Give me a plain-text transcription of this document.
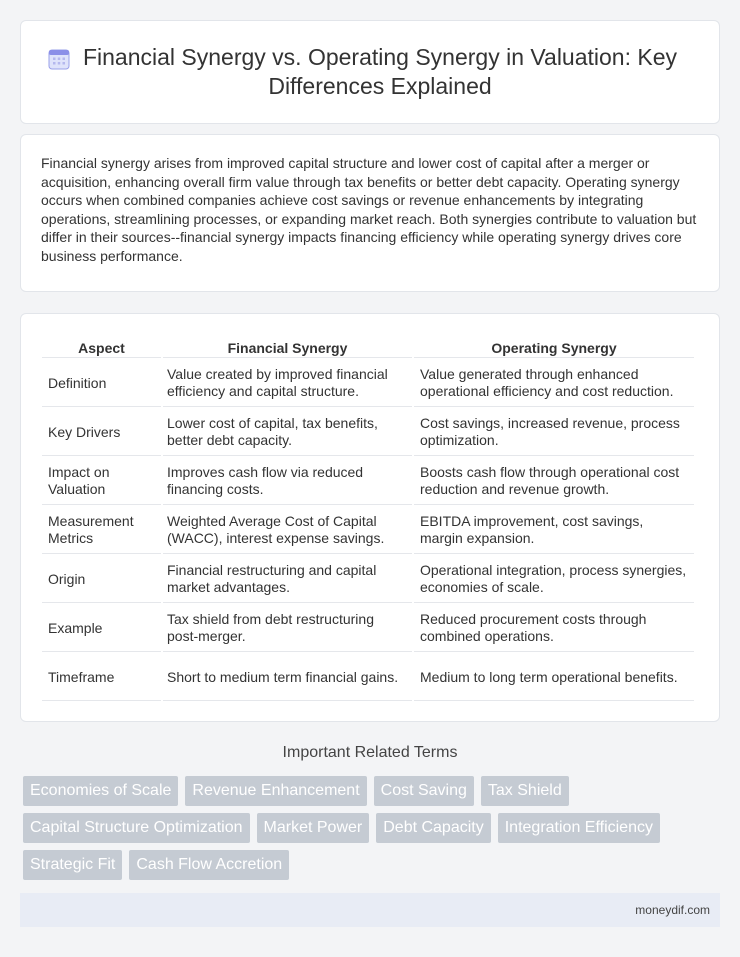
Financial Synergy vs. Operating Synergy in Valuation: Key Differences Explained

Financial synergy arises from improved capital structure and lower cost of capital after a merger or acquisition, enhancing overall firm value through tax benefits or better debt capacity. Operating synergy occurs when combined companies achieve cost savings or revenue enhancements by integrating operations, streamlining processes, or expanding market reach. Both synergies contribute to valuation but differ in their sources--financial synergy impacts financing efficiency while operating synergy drives core business performance.

Aspect	Financial Synergy	Operating Synergy
Definition	Value created by improved financial efficiency and capital structure.	Value generated through enhanced operational efficiency and cost reduction.
Key Drivers	Lower cost of capital, tax benefits, better debt capacity.	Cost savings, increased revenue, process optimization.
Impact on Valuation	Improves cash flow via reduced financing costs.	Boosts cash flow through operational cost reduction and revenue growth.
Measurement Metrics	Weighted Average Cost of Capital (WACC), interest expense savings.	EBITDA improvement, cost savings, margin expansion.
Origin	Financial restructuring and capital market advantages.	Operational integration, process synergies, economies of scale.
Example	Tax shield from debt restructuring post-merger.	Reduced procurement costs through combined operations.
Timeframe	Short to medium term financial gains.	Medium to long term operational benefits.
Important Related Terms
Economies of Scale	Revenue Enhancement	Cost Saving	Tax Shield
Capital Structure Optimization	Market Power	Debt Capacity	Integration Efficiency
Strategic Fit	Cash Flow Accretion
moneydif.com
